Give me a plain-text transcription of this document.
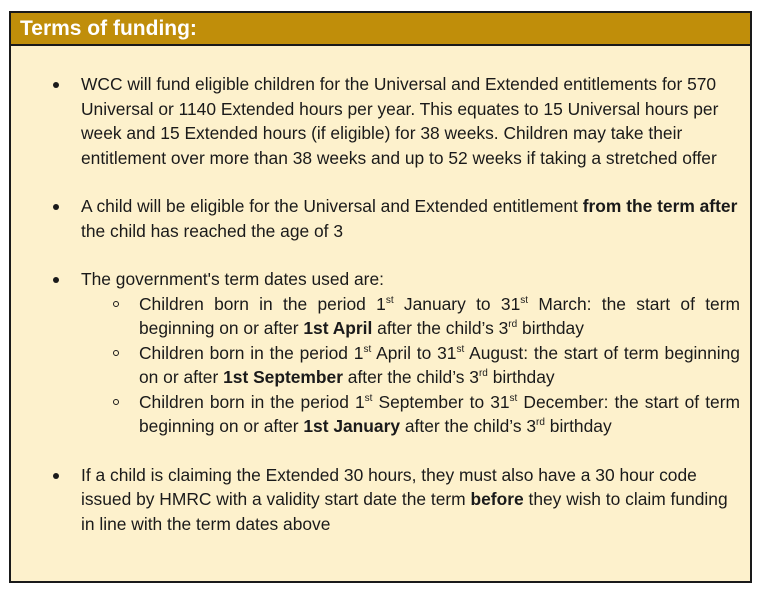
Terms of funding:
WCC will fund eligible children for the Universal and Extended entitlements for 570 Universal or 1140 Extended hours per year. This equates to 15 Universal hours per week and 15 Extended hours (if eligible) for 38 weeks. Children may take their entitlement over more than 38 weeks and up to 52 weeks if taking a stretched offer
A child will be eligible for the Universal and Extended entitlement from the term after the child has reached the age of 3
The government's term dates used are:
Children born in the period 1st January to 31st March: the start of term beginning on or after 1st April after the child’s 3rd birthday
Children born in the period 1st April to 31st August: the start of term beginning on or after 1st September after the child’s 3rd birthday
Children born in the period 1st September to 31st December: the start of term beginning on or after 1st January after the child’s 3rd birthday
If a child is claiming the Extended 30 hours, they must also have a 30 hour code issued by HMRC with a validity start date the term before they wish to claim funding in line with the term dates above
